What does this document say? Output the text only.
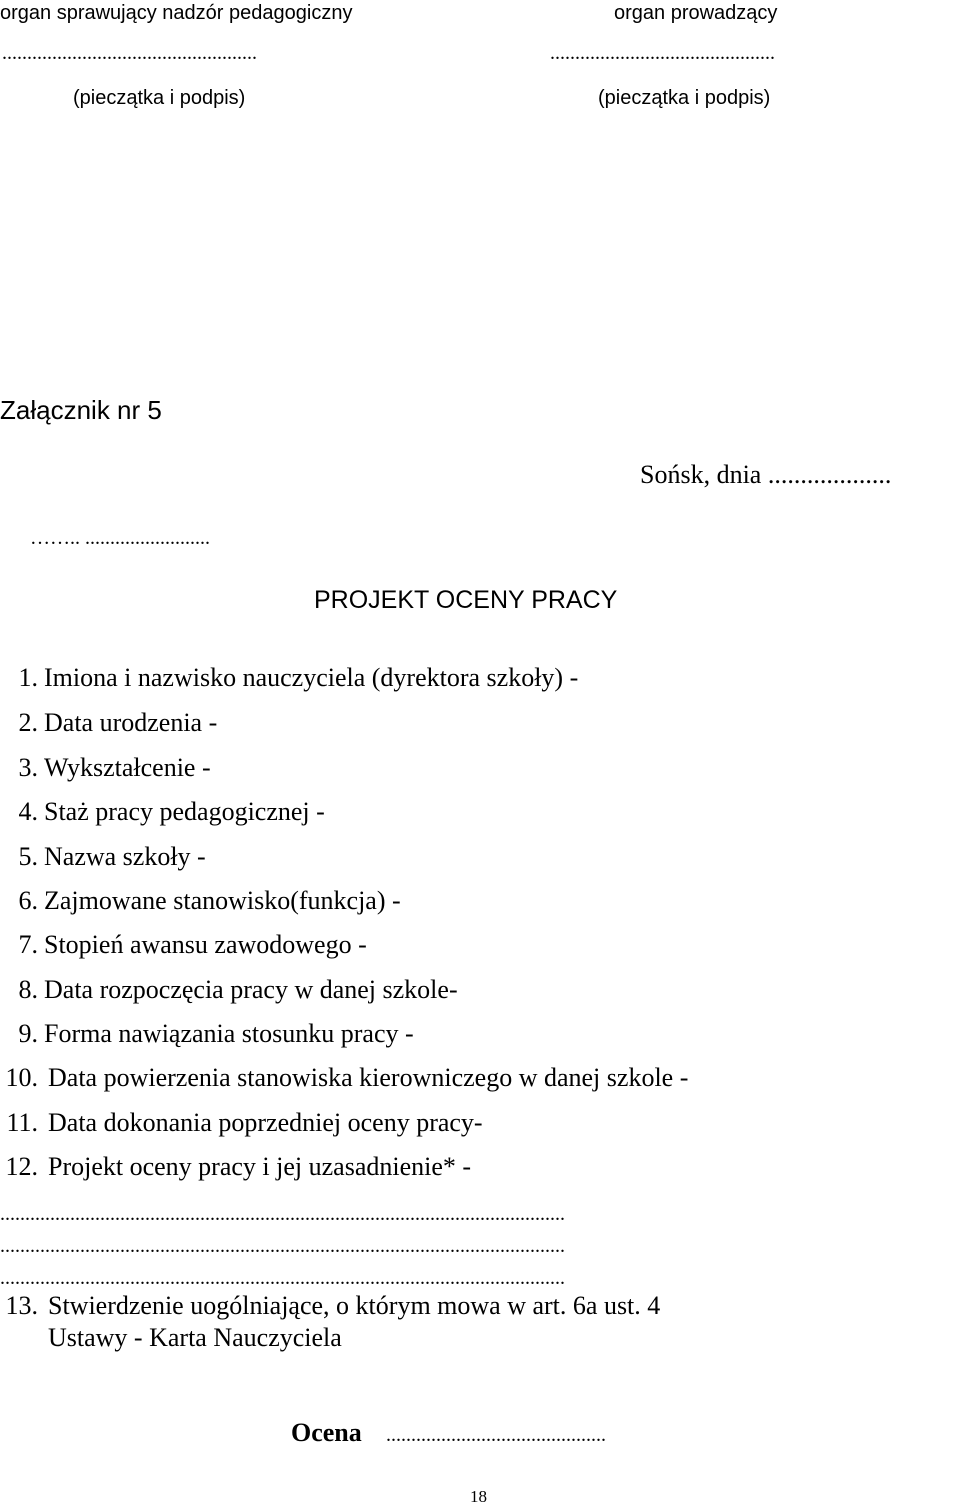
organ sprawujący nadzór pedagogiczny	organ prowadzący
...................................................	.............................................
(pieczątka i podpis)	(pieczątka i podpis)
Załącznik nr 5
Sońsk, dnia ...................
…….. .........................
PROJEKT OCENY PRACY
1. Imiona i nazwisko nauczyciela (dyrektora szkoły) -
2. Data urodzenia -
3. Wykształcenie -
4. Staż pracy pedagogicznej -
5. Nazwa szkoły -
6. Zajmowane stanowisko(funkcja) -
7. Stopień awansu zawodowego -
8. Data rozpoczęcia pracy w danej szkole-
9. Forma nawiązania stosunku pracy -
10. Data powierzenia stanowiska kierowniczego w danej szkole -
11. Data dokonania poprzedniej oceny pracy-
12. Projekt oceny pracy i jej uzasadnienie* -
.................................................................................................................
.................................................................................................................
.................................................................................................................
13. Stwierdzenie uogólniające, o którym mowa w art. 6a ust. 4
Ustawy - Karta Nauczyciela
Ocena ............................................
18
